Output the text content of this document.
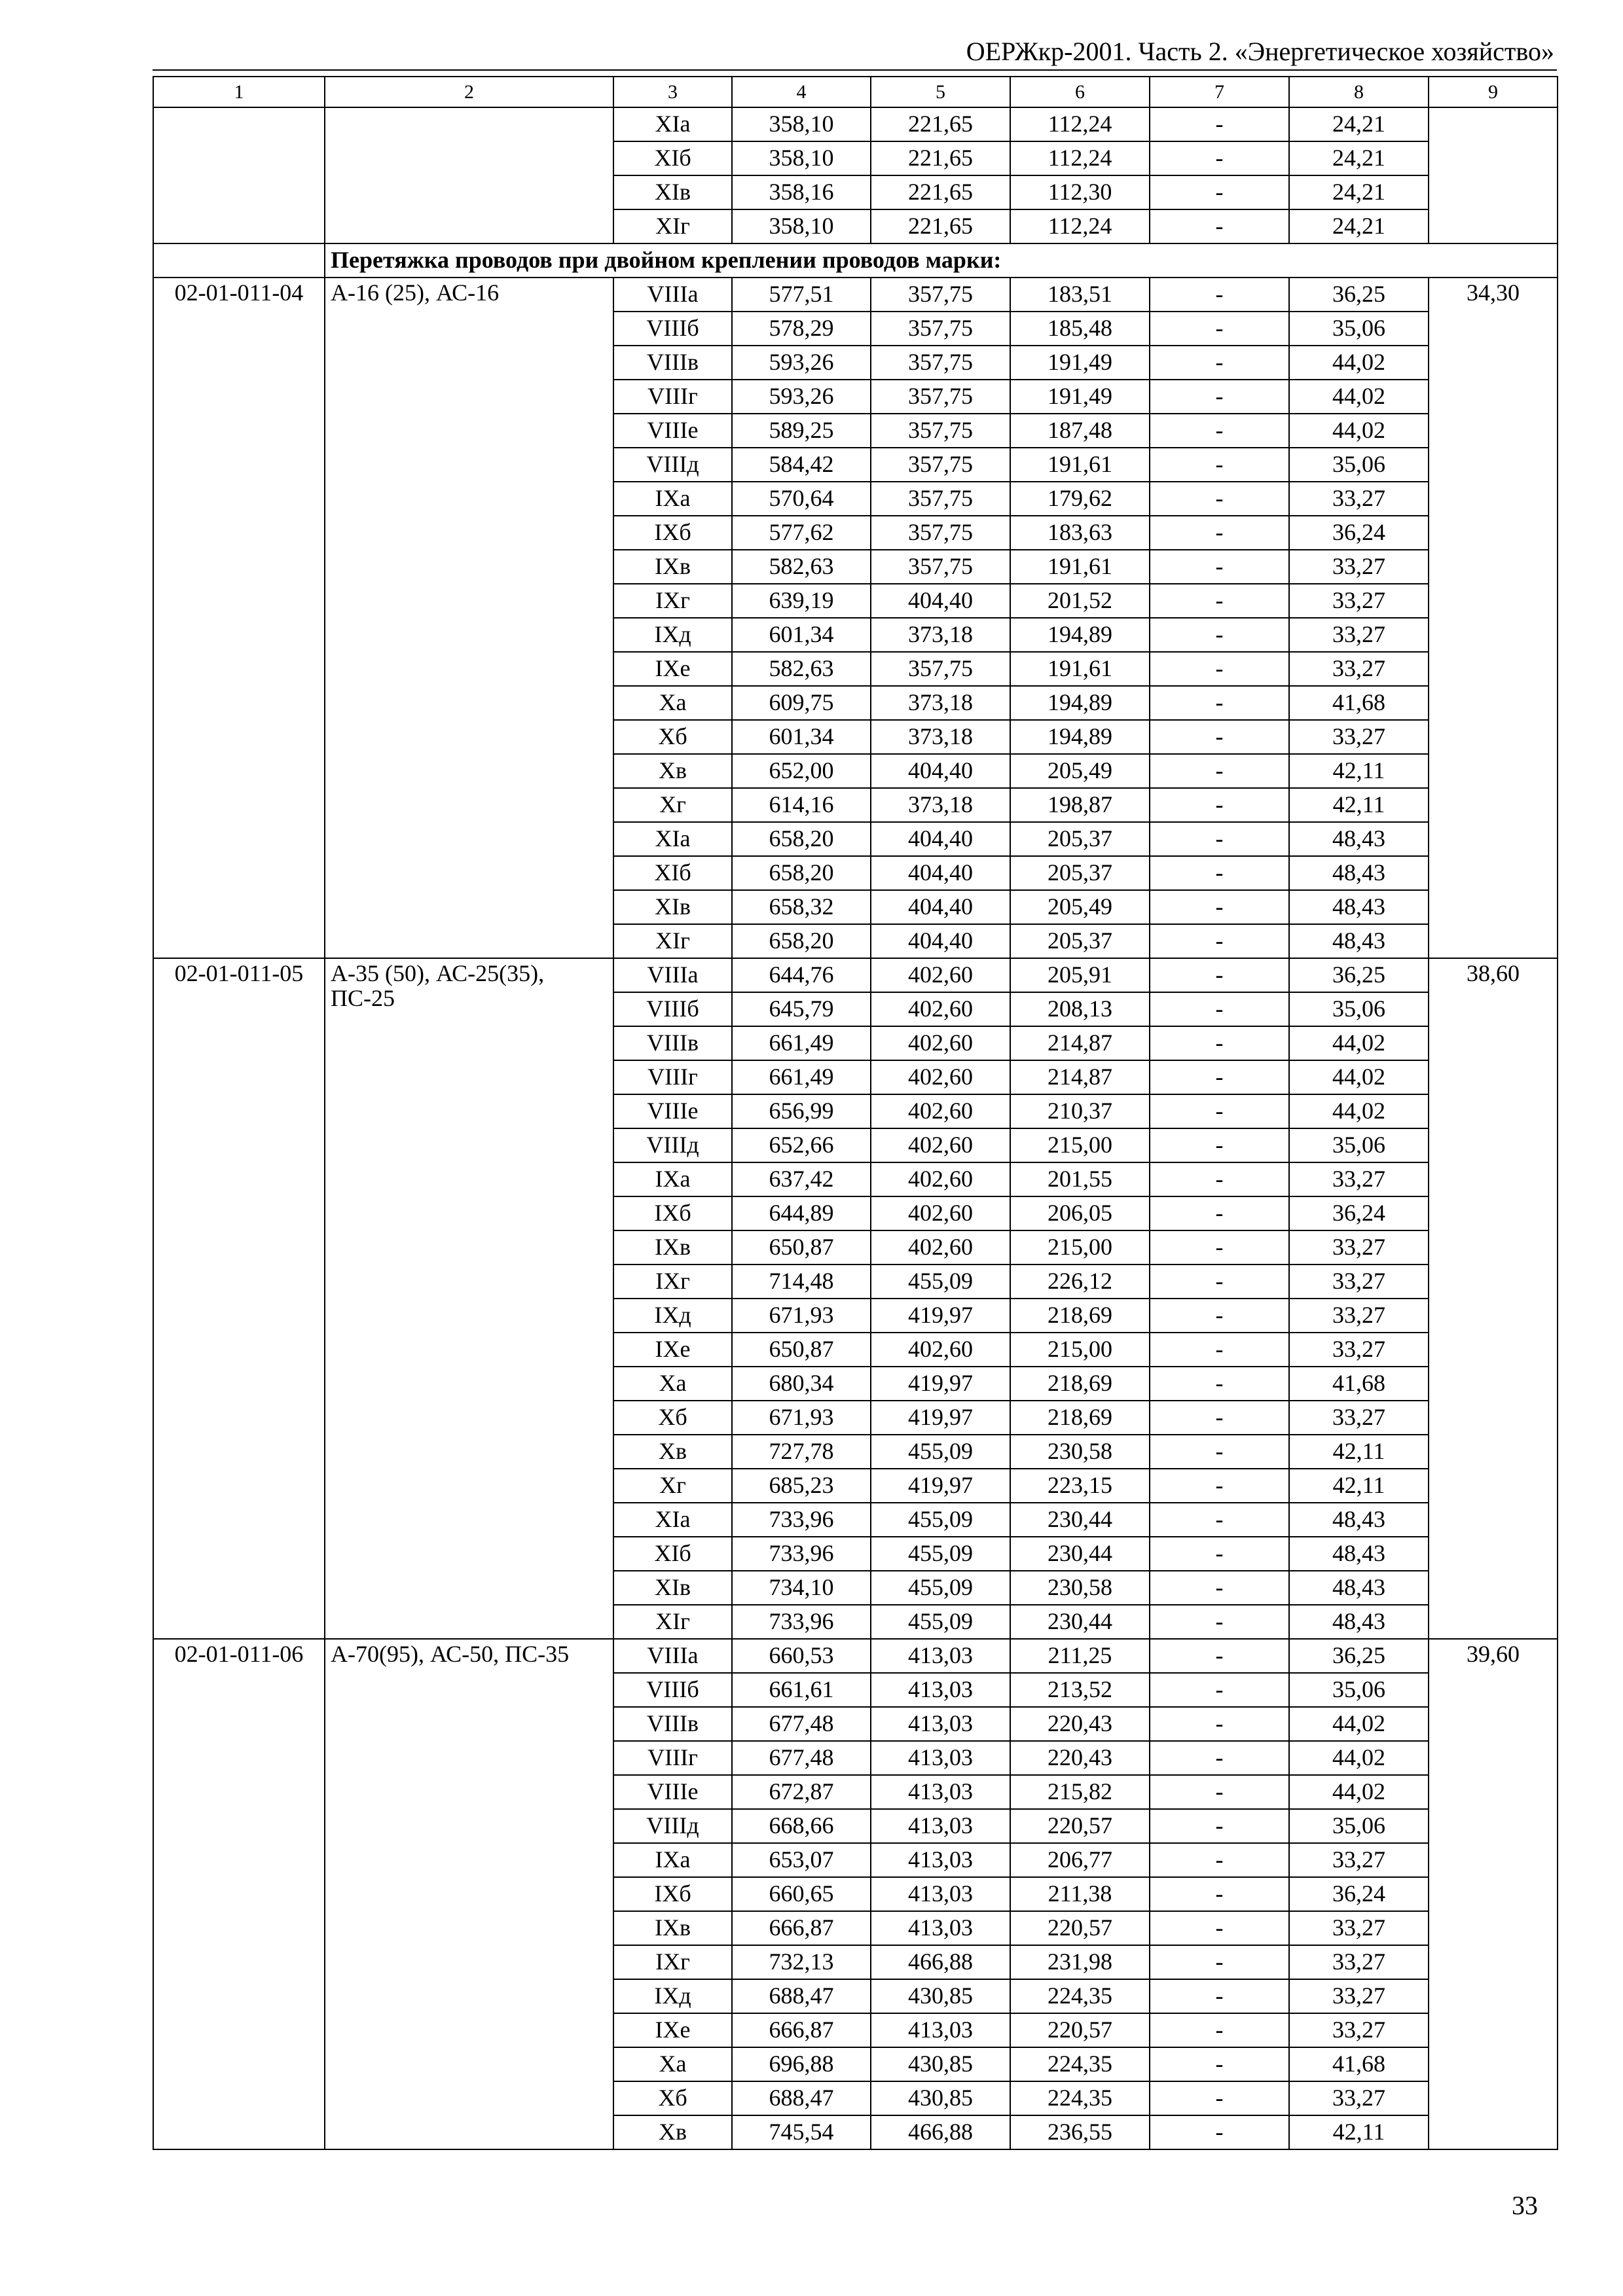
ОЕРЖкр-2001. Часть 2. «Энергетическое хозяйство»
1	2	3	4	5	6	7	8	9
		XIа	358,10	221,65	112,24	-	24,21	
		XIб	358,10	221,65	112,24	-	24,21	
		XIв	358,16	221,65	112,30	-	24,21	
		XIг	358,10	221,65	112,24	-	24,21	
	Перетяжка проводов при двойном креплении проводов марки:							
02-01-011-04	А-16 (25), АС-16	VIIIа	577,51	357,75	183,51	-	36,25	34,30
		VIIIб	578,29	357,75	185,48	-	35,06	
		VIIIв	593,26	357,75	191,49	-	44,02	
		VIIIг	593,26	357,75	191,49	-	44,02	
		VIIIе	589,25	357,75	187,48	-	44,02	
		VIIIд	584,42	357,75	191,61	-	35,06	
		IXа	570,64	357,75	179,62	-	33,27	
		IXб	577,62	357,75	183,63	-	36,24	
		IXв	582,63	357,75	191,61	-	33,27	
		IXг	639,19	404,40	201,52	-	33,27	
		IXд	601,34	373,18	194,89	-	33,27	
		IXе	582,63	357,75	191,61	-	33,27	
		Xа	609,75	373,18	194,89	-	41,68	
		Xб	601,34	373,18	194,89	-	33,27	
		Xв	652,00	404,40	205,49	-	42,11	
		Xг	614,16	373,18	198,87	-	42,11	
		XIа	658,20	404,40	205,37	-	48,43	
		XIб	658,20	404,40	205,37	-	48,43	
		XIв	658,32	404,40	205,49	-	48,43	
		XIг	658,20	404,40	205,37	-	48,43	
02-01-011-05	А-35 (50), АС-25(35), ПС-25	VIIIа	644,76	402,60	205,91	-	36,25	38,60
		VIIIб	645,79	402,60	208,13	-	35,06	
		VIIIв	661,49	402,60	214,87	-	44,02	
		VIIIг	661,49	402,60	214,87	-	44,02	
		VIIIе	656,99	402,60	210,37	-	44,02	
		VIIIд	652,66	402,60	215,00	-	35,06	
		IXа	637,42	402,60	201,55	-	33,27	
		IXб	644,89	402,60	206,05	-	36,24	
		IXв	650,87	402,60	215,00	-	33,27	
		IXг	714,48	455,09	226,12	-	33,27	
		IXд	671,93	419,97	218,69	-	33,27	
		IXе	650,87	402,60	215,00	-	33,27	
		Xа	680,34	419,97	218,69	-	41,68	
		Xб	671,93	419,97	218,69	-	33,27	
		Xв	727,78	455,09	230,58	-	42,11	
		Xг	685,23	419,97	223,15	-	42,11	
		XIа	733,96	455,09	230,44	-	48,43	
		XIб	733,96	455,09	230,44	-	48,43	
		XIв	734,10	455,09	230,58	-	48,43	
		XIг	733,96	455,09	230,44	-	48,43	
02-01-011-06	А-70(95), АС-50, ПС-35	VIIIа	660,53	413,03	211,25	-	36,25	39,60
		VIIIб	661,61	413,03	213,52	-	35,06	
		VIIIв	677,48	413,03	220,43	-	44,02	
		VIIIг	677,48	413,03	220,43	-	44,02	
		VIIIе	672,87	413,03	215,82	-	44,02	
		VIIIд	668,66	413,03	220,57	-	35,06	
		IXа	653,07	413,03	206,77	-	33,27	
		IXб	660,65	413,03	211,38	-	36,24	
		IXв	666,87	413,03	220,57	-	33,27	
		IXг	732,13	466,88	231,98	-	33,27	
		IXд	688,47	430,85	224,35	-	33,27	
		IXе	666,87	413,03	220,57	-	33,27	
		Xа	696,88	430,85	224,35	-	41,68	
		Xб	688,47	430,85	224,35	-	33,27	
		Xв	745,54	466,88	236,55	-	42,11	
33
